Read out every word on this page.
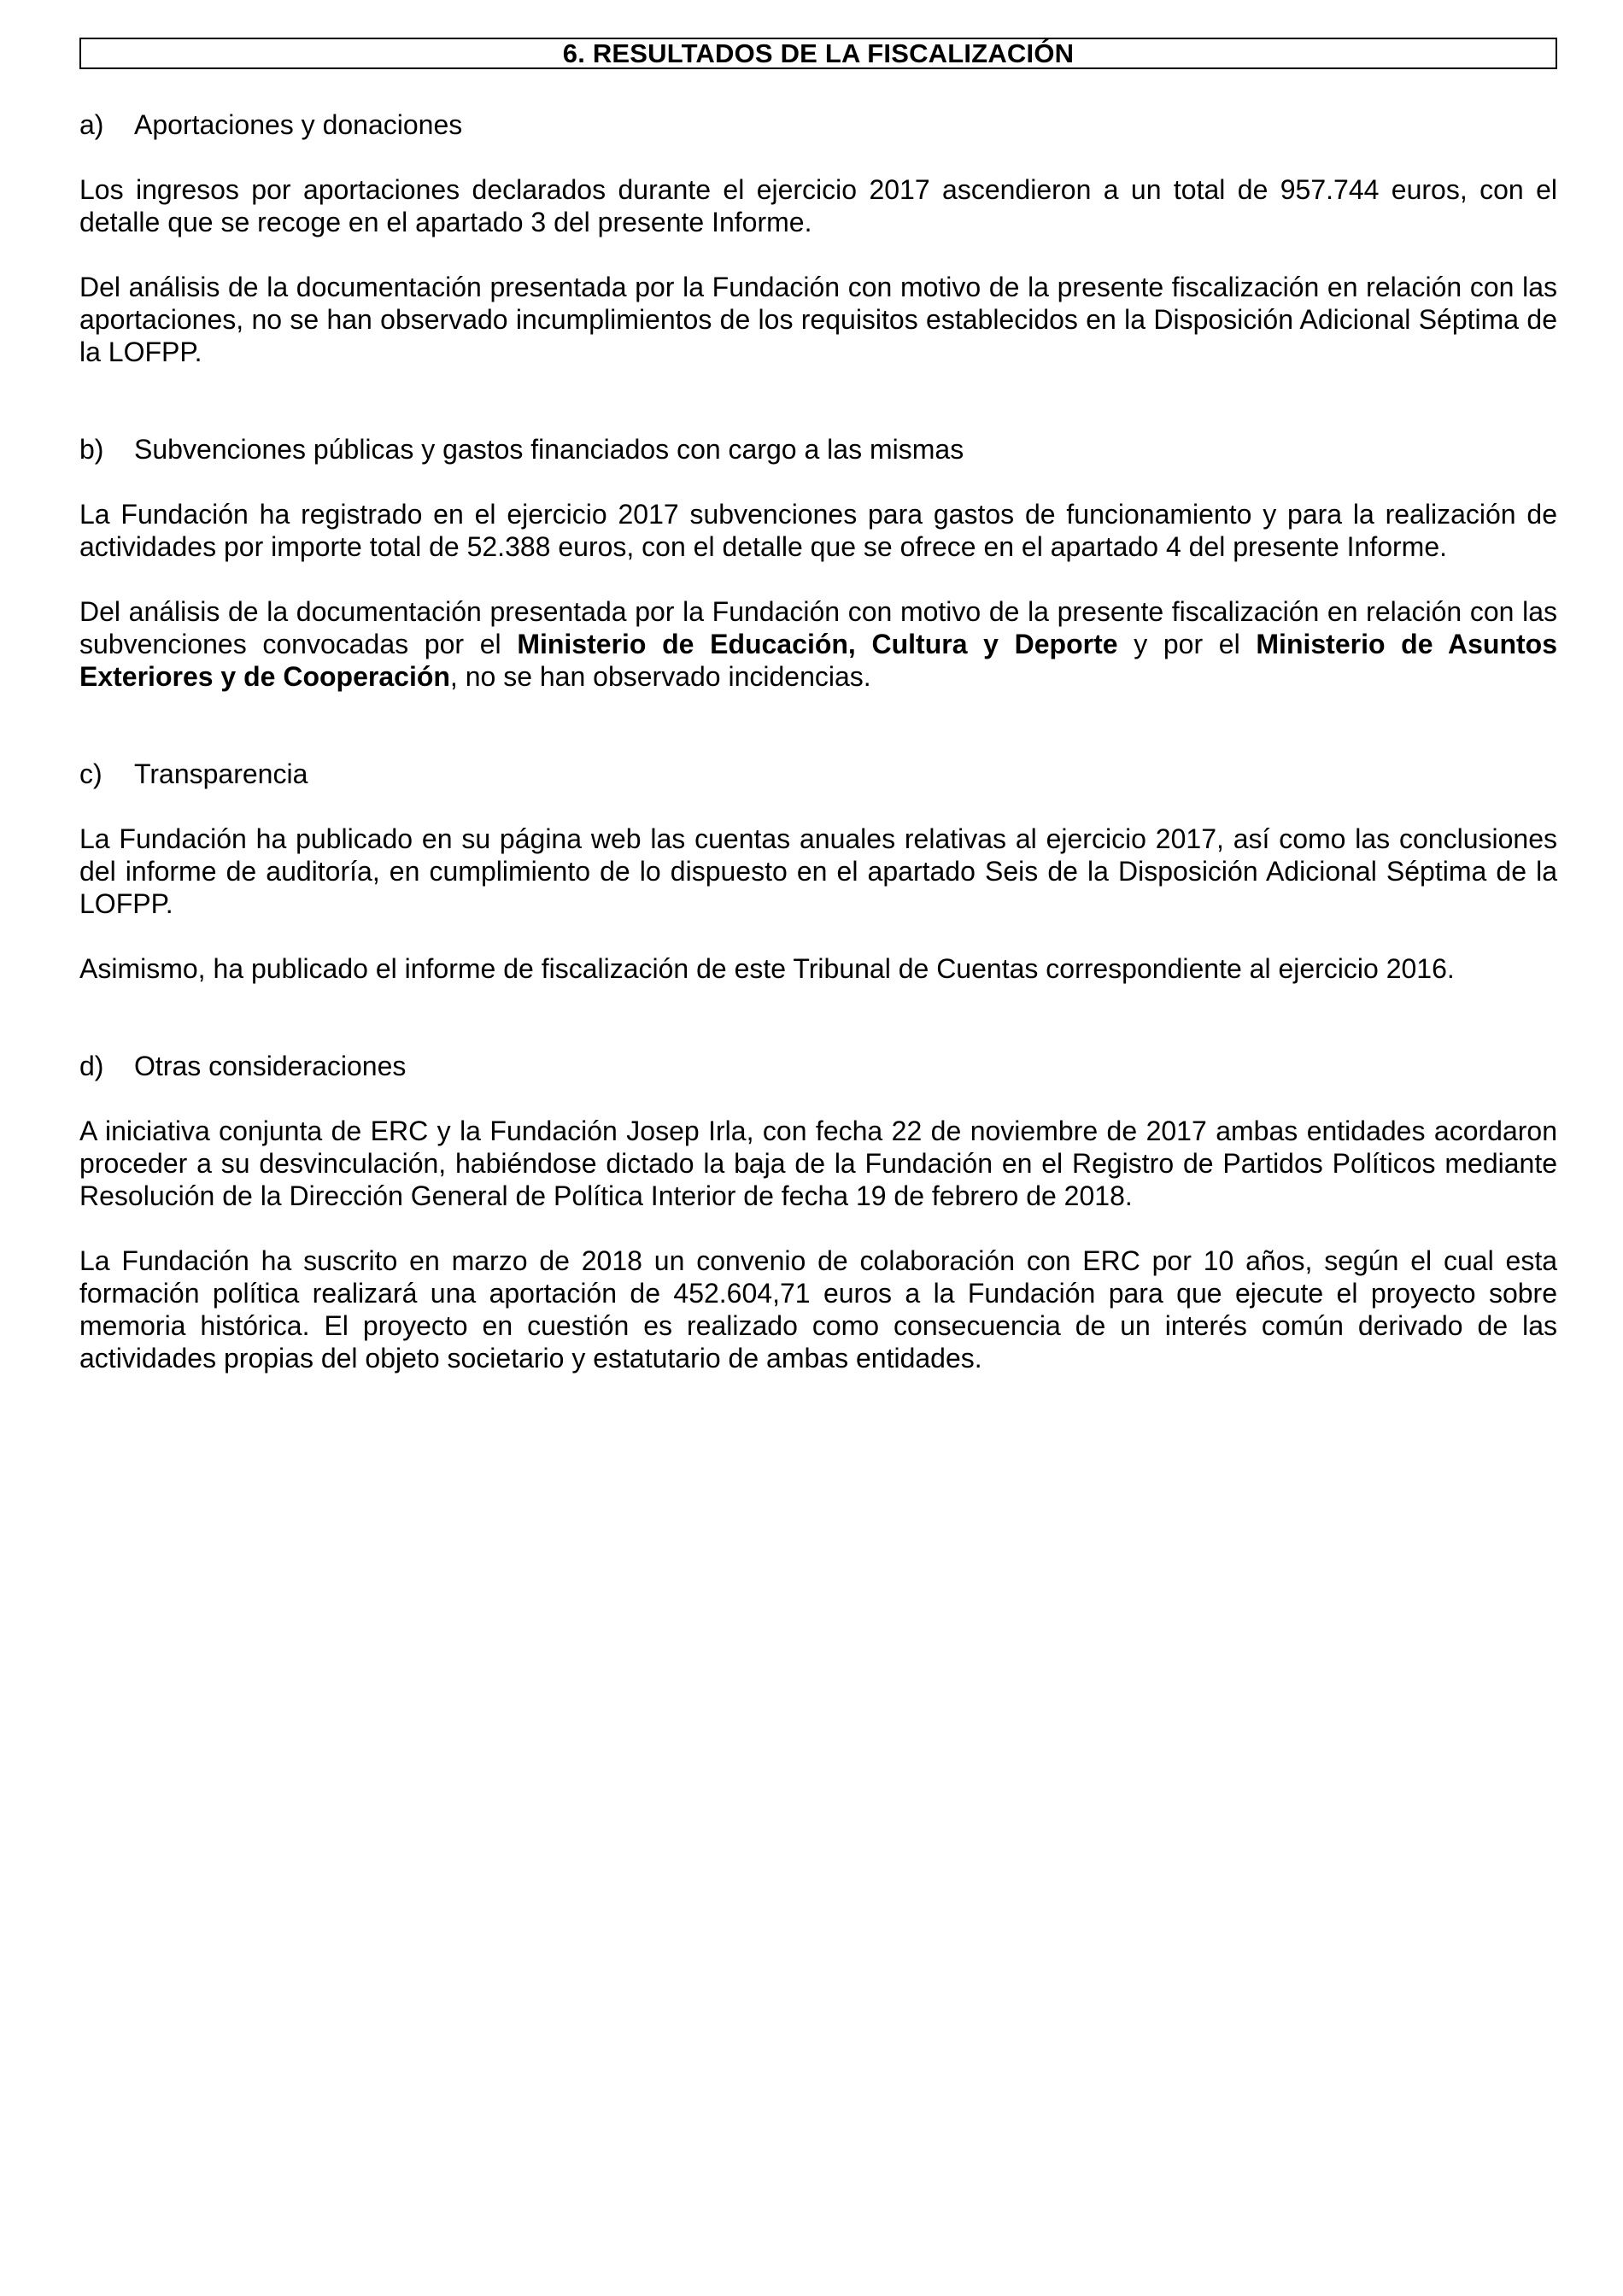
6. RESULTADOS DE LA FISCALIZACIÓN
a)	Aportaciones y donaciones

Los ingresos por aportaciones declarados durante el ejercicio 2017 ascendieron a un total de 957.744 euros, con el detalle que se recoge en el apartado 3 del presente Informe.

Del análisis de la documentación presentada por la Fundación con motivo de la presente fiscalización en relación con las aportaciones, no se han observado incumplimientos de los requisitos establecidos en la Disposición Adicional Séptima de la LOFPP.

b)	Subvenciones públicas y gastos financiados con cargo a las mismas

La Fundación ha registrado en el ejercicio 2017 subvenciones para gastos de funcionamiento y para la realización de actividades por importe total de 52.388 euros, con el detalle que se ofrece en el apartado 4 del presente Informe.

Del análisis de la documentación presentada por la Fundación con motivo de la presente fiscalización en relación con las subvenciones convocadas por el Ministerio de Educación, Cultura y Deporte y por el Ministerio de Asuntos Exteriores y de Cooperación, no se han observado incidencias.

c)	Transparencia

La Fundación ha publicado en su página web las cuentas anuales relativas al ejercicio 2017, así como las conclusiones del informe de auditoría, en cumplimiento de lo dispuesto en el apartado Seis de la Disposición Adicional Séptima de la LOFPP.

Asimismo, ha publicado el informe de fiscalización de este Tribunal de Cuentas correspondiente al ejercicio 2016.

d)	Otras consideraciones

A iniciativa conjunta de ERC y la Fundación Josep Irla, con fecha 22 de noviembre de 2017 ambas entidades acordaron proceder a su desvinculación, habiéndose dictado la baja de la Fundación en el Registro de Partidos Políticos mediante Resolución de la Dirección General de Política Interior de fecha 19 de febrero de 2018.

La Fundación ha suscrito en marzo de 2018 un convenio de colaboración con ERC por 10 años, según el cual esta formación política realizará una aportación de 452.604,71 euros a la Fundación para que ejecute el proyecto sobre memoria histórica. El proyecto en cuestión es realizado como consecuencia de un interés común derivado de las actividades propias del objeto societario y estatutario de ambas entidades.
